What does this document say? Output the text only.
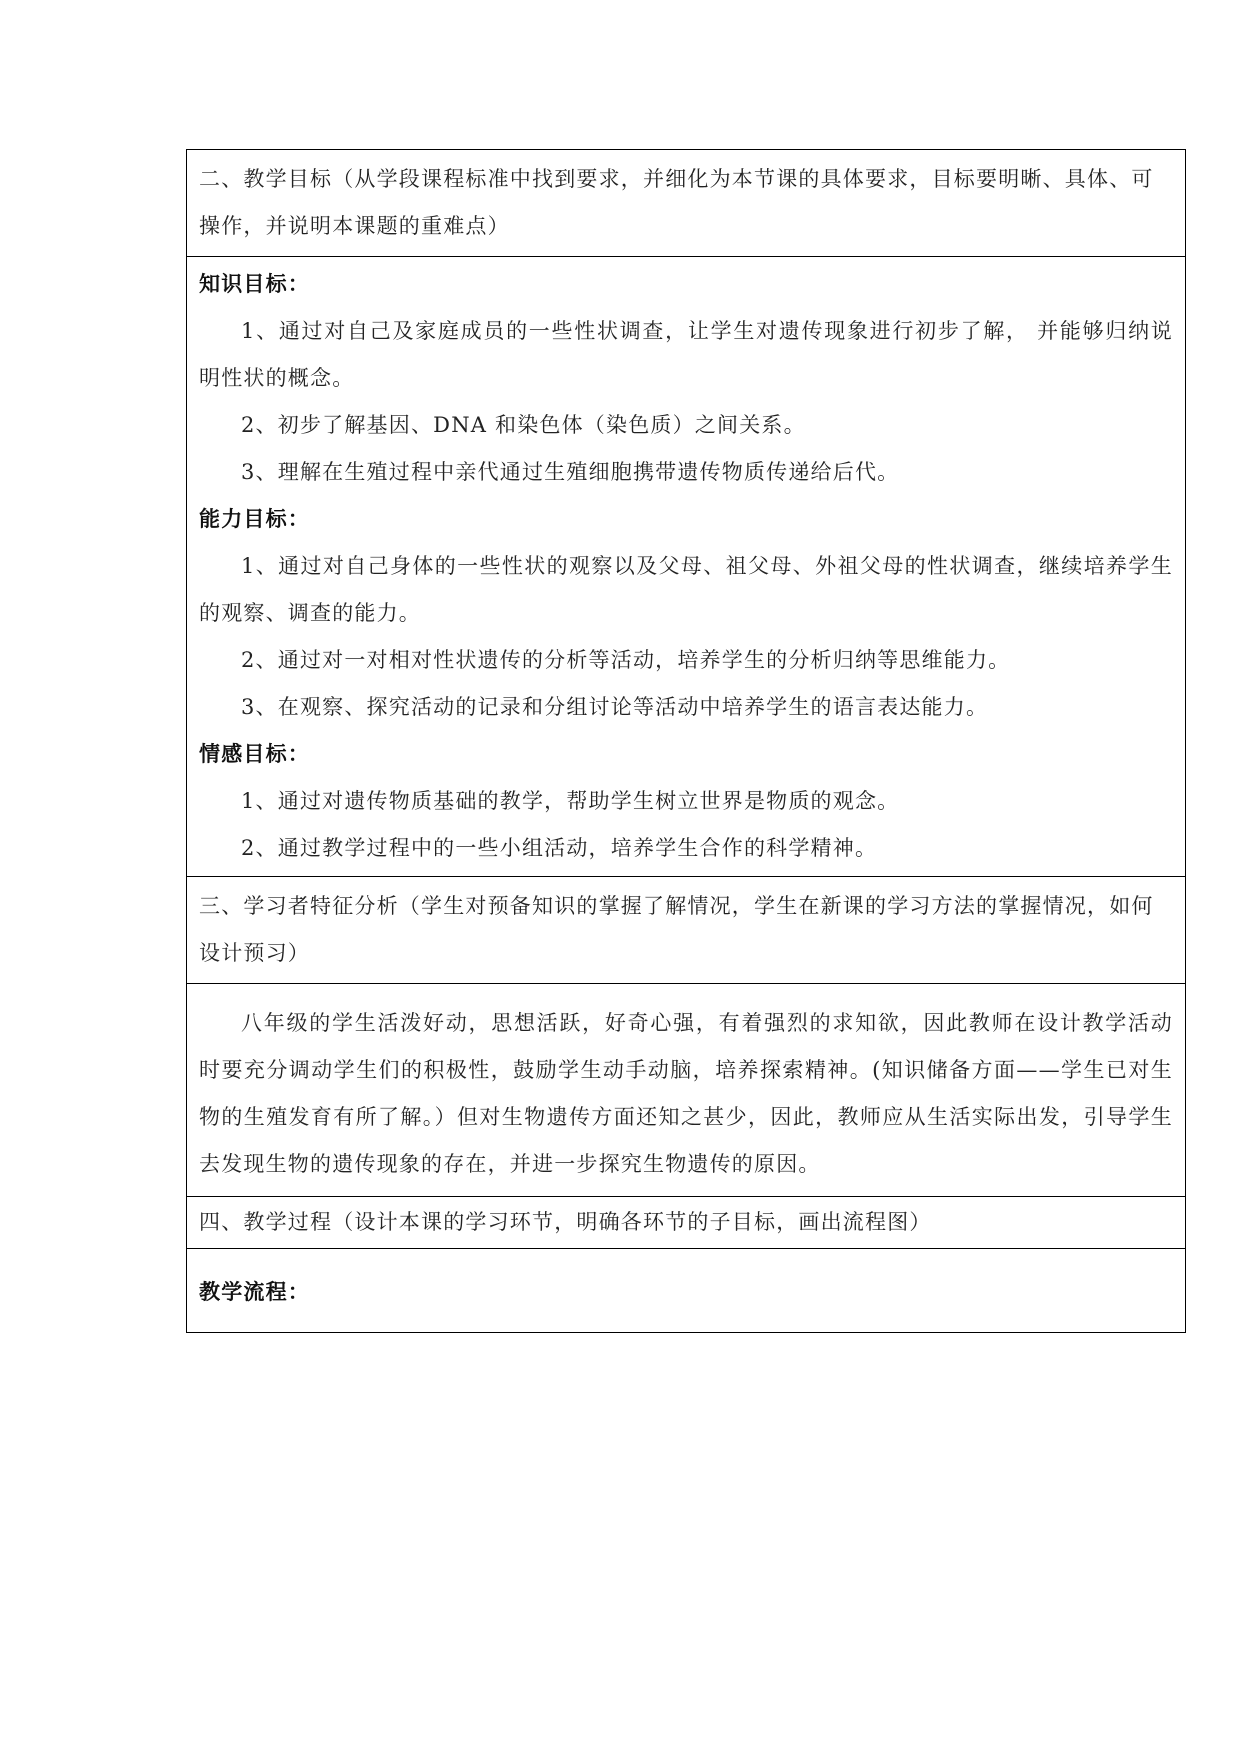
二、教学目标（从学段课程标准中找到要求，并细化为本节课的具体要求，目标要明晰、具体、可操作，并说明本课题的重难点）

知识目标：
1、通过对自己及家庭成员的一些性状调查，让学生对遗传现象进行初步了解， 并能够归纳说明性状的概念。
2、初步了解基因、DNA 和染色体（染色质）之间关系。
3、理解在生殖过程中亲代通过生殖细胞携带遗传物质传递给后代。
能力目标：
1、通过对自己身体的一些性状的观察以及父母、祖父母、外祖父母的性状调查，继续培养学生的观察、调查的能力。
2、通过对一对相对性状遗传的分析等活动，培养学生的分析归纳等思维能力。
3、在观察、探究活动的记录和分组讨论等活动中培养学生的语言表达能力。
情感目标：
1、通过对遗传物质基础的教学，帮助学生树立世界是物质的观念。
2、通过教学过程中的一些小组活动，培养学生合作的科学精神。

三、学习者特征分析（学生对预备知识的掌握了解情况，学生在新课的学习方法的掌握情况，如何设计预习）

八年级的学生活泼好动，思想活跃，好奇心强，有着强烈的求知欲，因此教师在设计教学活动时要充分调动学生们的积极性，鼓励学生动手动脑，培养探索精神。(知识储备方面——学生已对生物的生殖发育有所了解。）但对生物遗传方面还知之甚少，因此，教师应从生活实际出发，引导学生去发现生物的遗传现象的存在，并进一步探究生物遗传的原因。

四、教学过程（设计本课的学习环节，明确各环节的子目标，画出流程图）

教学流程：
